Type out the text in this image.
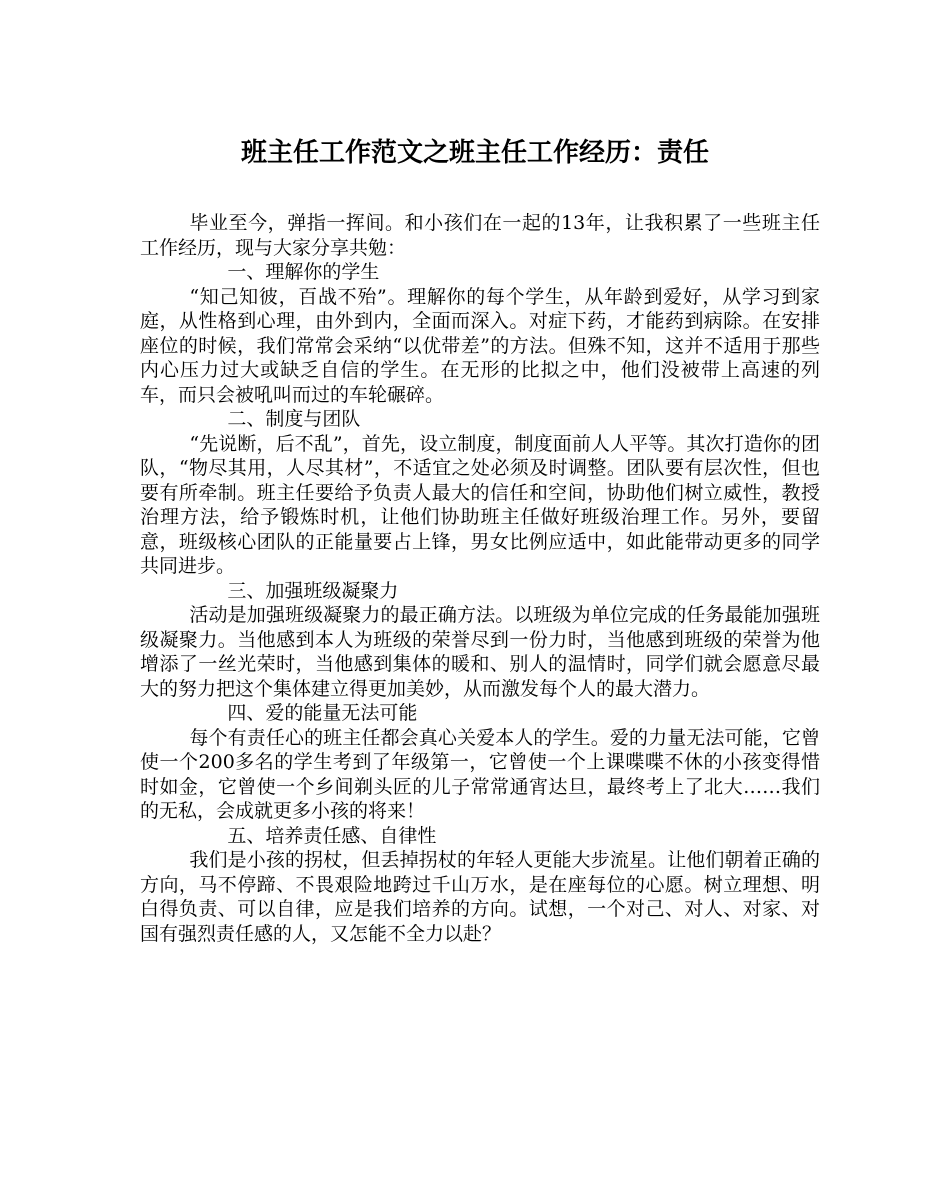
班主任工作范文之班主任工作经历：责任

毕业至今，弹指一挥间。和小孩们在一起的13年，让我积累了一些班主任工作经历，现与大家分享共勉：

一、理解你的学生

“知己知彼，百战不殆”。理解你的每个学生，从年龄到爱好，从学习到家庭，从性格到心理，由外到内，全面而深入。对症下药，才能药到病除。在安排座位的时候，我们常常会采纳“以优带差”的方法。但殊不知，这并不适用于那些内心压力过大或缺乏自信的学生。在无形的比拟之中，他们没被带上高速的列车，而只会被吼叫而过的车轮碾碎。

二、制度与团队

“先说断，后不乱”，首先，设立制度，制度面前人人平等。其次打造你的团队，“物尽其用，人尽其材”，不适宜之处必须及时调整。团队要有层次性，但也要有所牵制。班主任要给予负责人最大的信任和空间，协助他们树立威性，教授治理方法，给予锻炼时机，让他们协助班主任做好班级治理工作。另外，要留意，班级核心团队的正能量要占上锋，男女比例应适中，如此能带动更多的同学共同进步。

三、加强班级凝聚力

活动是加强班级凝聚力的最正确方法。以班级为单位完成的任务最能加强班级凝聚力。当他感到本人为班级的荣誉尽到一份力时，当他感到班级的荣誉为他增添了一丝光荣时，当他感到集体的暖和、别人的温情时，同学们就会愿意尽最大的努力把这个集体建立得更加美妙，从而激发每个人的最大潜力。

四、爱的能量无法可能

每个有责任心的班主任都会真心关爱本人的学生。爱的力量无法可能，它曾使一个200多名的学生考到了年级第一，它曾使一个上课喋喋不休的小孩变得惜时如金，它曾使一个乡间剃头匠的儿子常常通宵达旦，最终考上了北大……我们的无私，会成就更多小孩的将来！

五、培养责任感、自律性

我们是小孩的拐杖，但丢掉拐杖的年轻人更能大步流星。让他们朝着正确的方向，马不停蹄、不畏艰险地跨过千山万水，是在座每位的心愿。树立理想、明白得负责、可以自律，应是我们培养的方向。试想，一个对己、对人、对家、对国有强烈责任感的人，又怎能不全力以赴？
